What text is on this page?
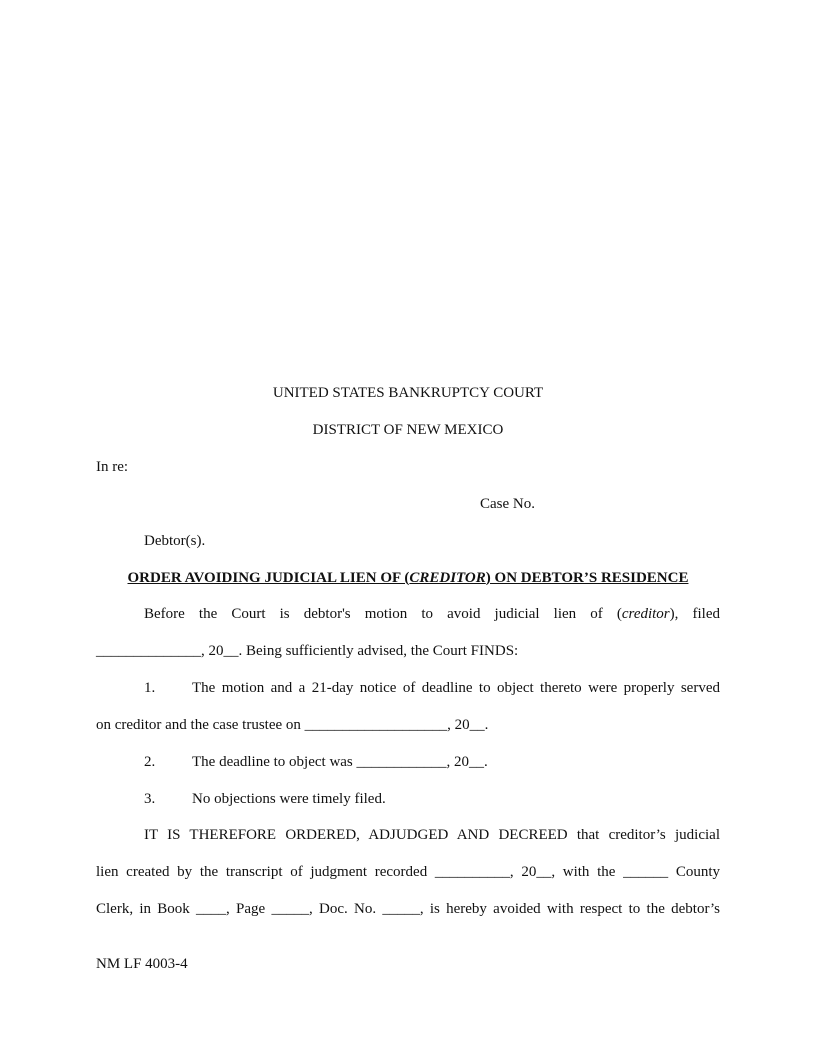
UNITED STATES BANKRUPTCY COURT
DISTRICT OF NEW MEXICO
In re:
Case No.
Debtor(s).
ORDER AVOIDING JUDICIAL LIEN OF (CREDITOR) ON DEBTOR’S RESIDENCE
Before the Court is debtor's motion to avoid judicial lien of (creditor), filed
______________, 20__. Being sufficiently advised, the Court FINDS:
1. The motion and a 21-day notice of deadline to object thereto were properly served
on creditor and the case trustee on ___________________, 20__.
2. The deadline to object was ____________, 20__.
3. No objections were timely filed.
IT IS THEREFORE ORDERED, ADJUDGED AND DECREED that creditor’s judicial
lien created by the transcript of judgment recorded __________, 20__, with the ______ County
Clerk, in Book ____, Page _____, Doc. No. _____, is hereby avoided with respect to the debtor’s
NM LF 4003-4
